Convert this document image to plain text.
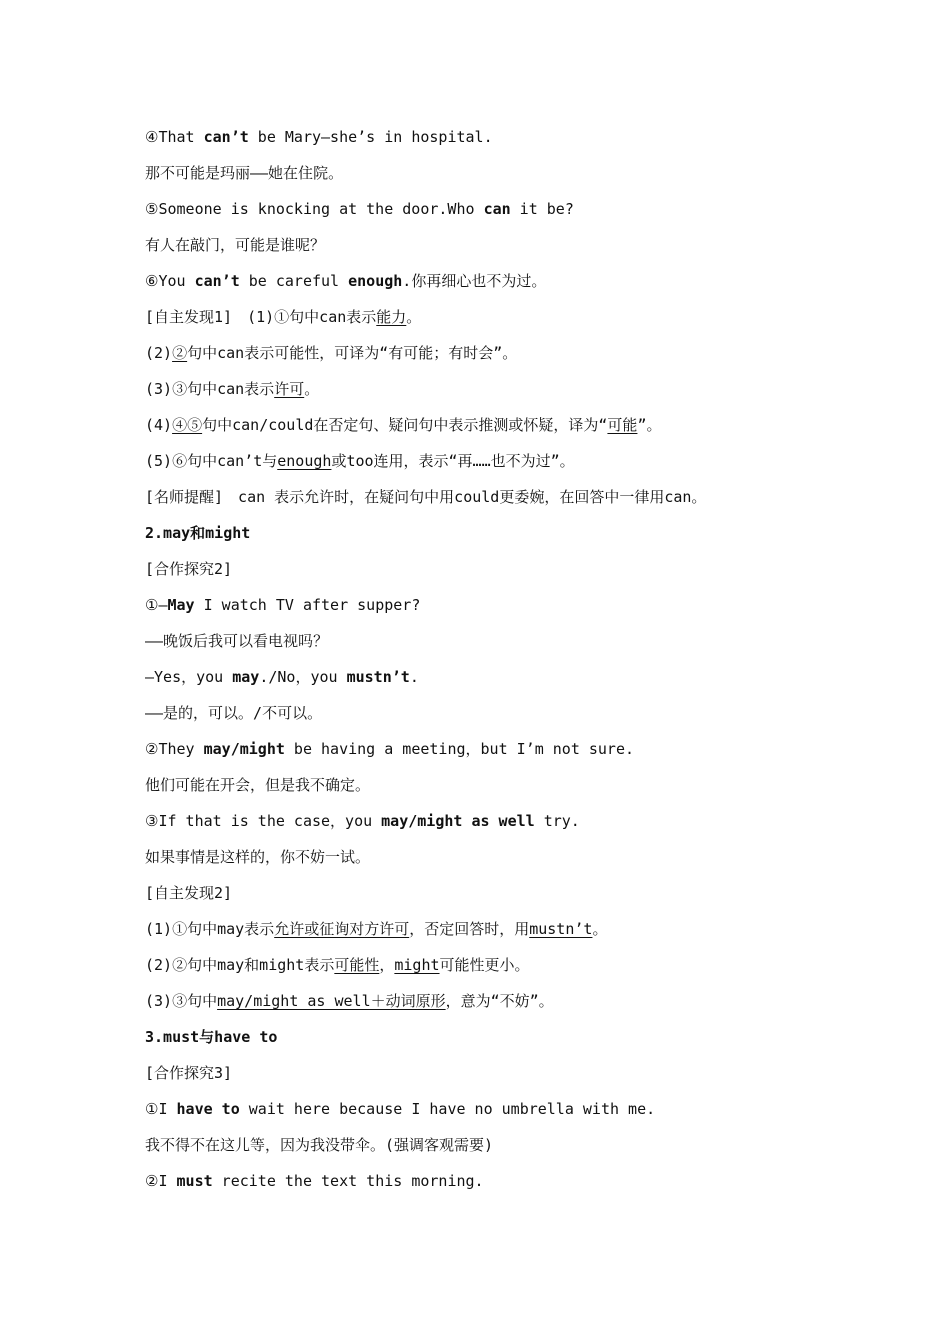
④That can’t be Mary—she’s in hospital.
那不可能是玛丽——她在住院。
⑤Someone is knocking at the door.Who can it be?
有人在敲门，可能是谁呢？
⑥You can’t be careful enough.你再细心也不为过。
[自主发现1]　(1)①句中can表示能力。
(2)②句中can表示可能性，可译为“有可能；有时会”。
(3)③句中can表示许可。
(4)④⑤句中can/could在否定句、疑问句中表示推测或怀疑，译为“可能”。
(5)⑥句中can’t与enough或too连用，表示“再……也不为过”。
[名师提醒]　can 表示允许时，在疑问句中用could更委婉，在回答中一律用can。
2.may和might
[合作探究2]
①—May I watch TV after supper?
——晚饭后我可以看电视吗？
—Yes，you may./No，you mustn’t.
——是的，可以。/不可以。
②They may/might be having a meeting，but I’m not sure.
他们可能在开会，但是我不确定。
③If that is the case，you may/might as well try.
如果事情是这样的，你不妨一试。
[自主发现2]
(1)①句中may表示允许或征询对方许可，否定回答时，用mustn’t。
(2)②句中may和might表示可能性，might可能性更小。
(3)③句中may/might as well＋动词原形，意为“不妨”。
3.must与have to
[合作探究3]
①I have to wait here because I have no umbrella with me.
我不得不在这儿等，因为我没带伞。(强调客观需要)
②I must recite the text this morning.
